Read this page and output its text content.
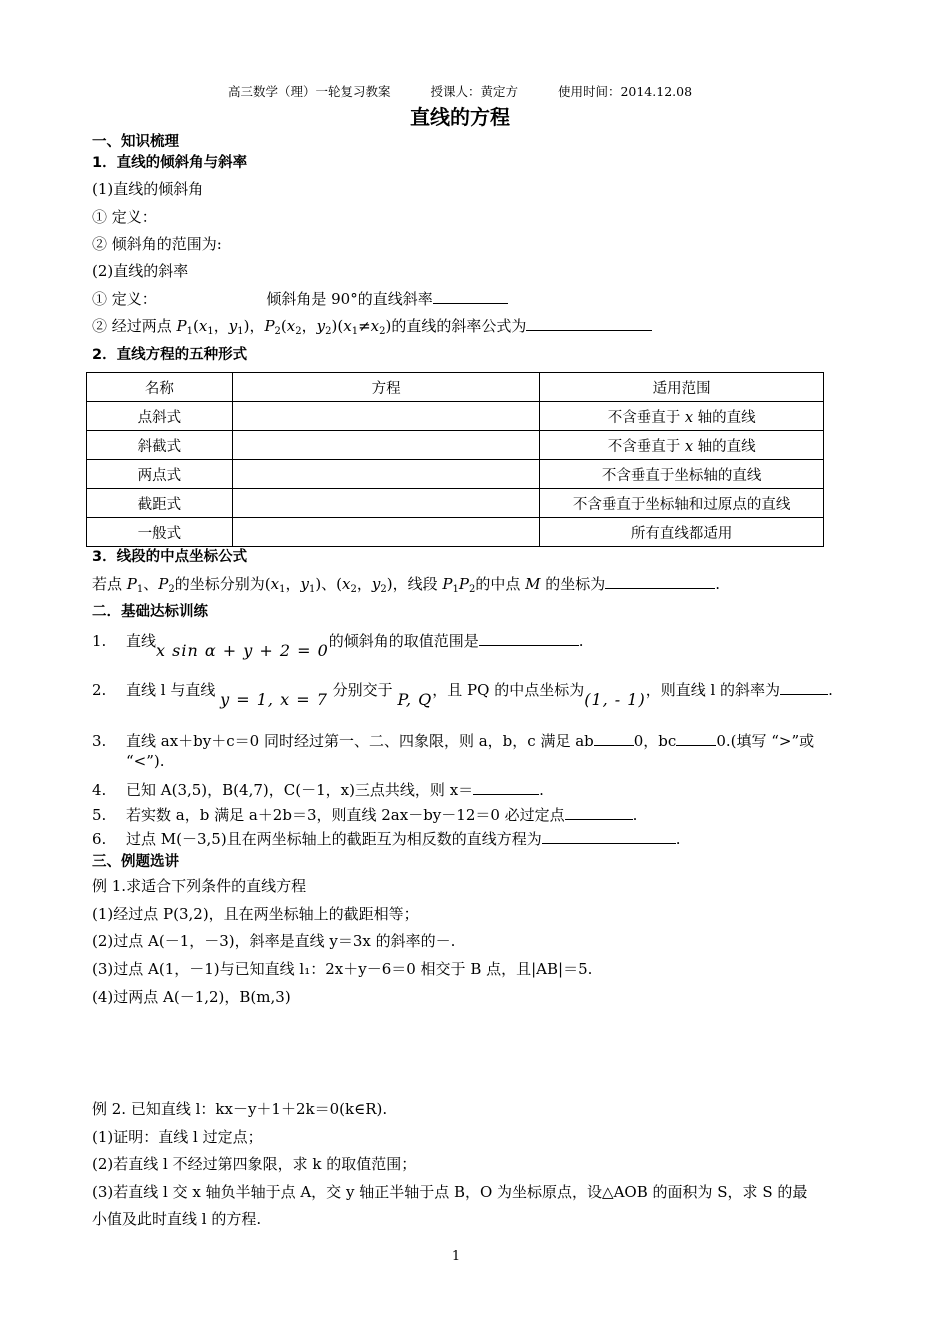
高三数学（理）一轮复习教案	授课人：黄定方	使用时间：2014.12.08
直线的方程
一、知识梳理
1．直线的倾斜角与斜率
(1)直线的倾斜角
① 定义：
② 倾斜角的范围为:
(2)直线的斜率
① 定义：	倾斜角是 90°的直线斜率
② 经过两点 $P_1(x_1$，$y_1$)，$P_2(x_2$，$y_2)(x_1\ne x_2)$的直线的斜率公式为
2．直线方程的五种形式
名称	方程	适用范围
点斜式		不含垂直于 x 轴的直线
斜截式		不含垂直于 x 轴的直线
两点式		不含垂直于坐标轴的直线
截距式		不含垂直于坐标轴和过原点的直线
一般式		所有直线都适用
3．线段的中点坐标公式
若点 $P_1$、$P_2$的坐标分别为($x_1$，$y_1$)、($x_2$，$y_2$)，线段 $P_1P_2$的中点 M 的坐标为	.
二．基础达标训练
1. 直线x sin α + y + 2 = 0的倾斜角的取值范围是	.
2. 直线 l 与直线 y = 1, x = 7 分别交于 P, Q，且 PQ 的中点坐标为(1, - 1)，则直线 l 的斜率为	.
3. 直线 ax＋by＋c＝0 同时经过第一、二、四象限，则 a，b，c 满足 ab	0，bc	0.(填写 “>”或
“<”).
4. 已知 A(3,5)，B(4,7)，C(－1，x)三点共线，则 x＝	.
5. 若实数 a，b 满足 a＋2b＝3，则直线 2ax－by－12＝0 必过定点	.
6. 过点 M(－3,5)且在两坐标轴上的截距互为相反数的直线方程为	.
三、例题选讲
例 1.求适合下列条件的直线方程
(1)经过点 P(3,2)，且在两坐标轴上的截距相等；
(2)过点 A(－1，－3)，斜率是直线 y＝3x 的斜率的－.
(3)过点 A(1，－1)与已知直线 l₁：2x＋y－6＝0 相交于 B 点，且|AB|＝5.
(4)过两点 A(－1,2)，B(m,3)
例 2. 已知直线 l：kx－y＋1＋2k＝0(k∈R).
(1)证明：直线 l 过定点；
(2)若直线 l 不经过第四象限，求 k 的取值范围；
(3)若直线 l 交 x 轴负半轴于点 A，交 y 轴正半轴于点 B，O 为坐标原点，设△AOB 的面积为 S，求 S 的最
小值及此时直线 l 的方程.
1
